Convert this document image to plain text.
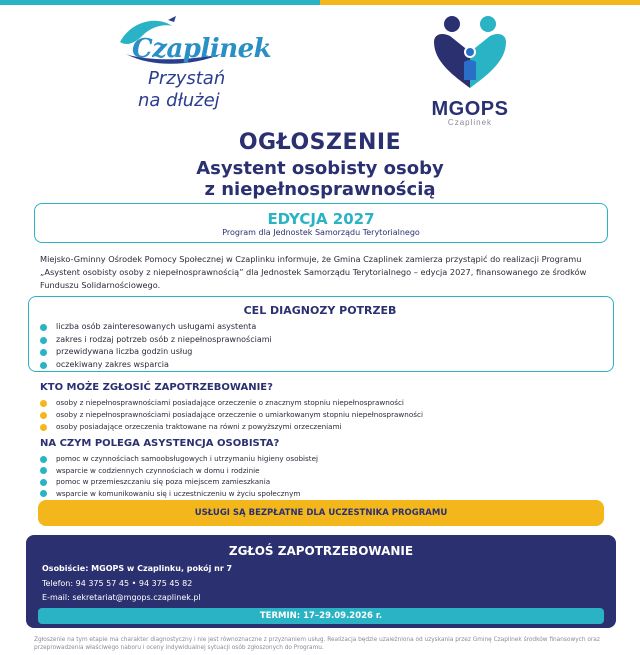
Czaplinek
Przystań
na dłużej	MGOPS
Czaplinek
OGŁOSZENIE
Asystent osobisty osoby
z niepełnosprawnością
EDYCJA 2027
Program dla Jednostek Samorządu Terytorialnego

Miejsko-Gminny Ośrodek Pomocy Społecznej w Czaplinku informuje, że Gmina Czaplinek zamierza przystąpić do realizacji Programu „Asystent osobisty osoby z niepełnosprawnością” dla Jednostek Samorządu Terytorialnego – edycja 2027, finansowanego ze środków Funduszu Solidarnościowego.

CEL DIAGNOZY POTRZEB
liczba osób zainteresowanych usługami asystenta
zakres i rodzaj potrzeb osób z niepełnosprawnościami
przewidywana liczba godzin usług
oczekiwany zakres wsparcia
KTO MOŻE ZGŁOSIĆ ZAPOTRZEBOWANIE?
osoby z niepełnosprawnościami posiadające orzeczenie o znacznym stopniu niepełnosprawności
osoby z niepełnosprawnościami posiadające orzeczenie o umiarkowanym stopniu niepełnosprawności
osoby posiadające orzeczenia traktowane na równi z powyższymi orzeczeniami
NA CZYM POLEGA ASYSTENCJA OSOBISTA?
pomoc w czynnościach samoobsługowych i utrzymaniu higieny osobistej
wsparcie w codziennych czynnościach w domu i rodzinie
pomoc w przemieszczaniu się poza miejscem zamieszkania
wsparcie w komunikowaniu się i uczestniczeniu w życiu społecznym
USŁUGI SĄ BEZPŁATNE DLA UCZESTNIKA PROGRAMU
ZGŁOŚ ZAPOTRZEBOWANIE
Osobiście: MGOPS w Czaplinku, pokój nr 7
Telefon: 94 375 57 45 • 94 375 45 82
E-mail: sekretariat@mgops.czaplinek.pl
TERMIN: 17–29.09.2026 r.

Zgłoszenie na tym etapie ma charakter diagnostyczny i nie jest równoznaczne z przyznaniem usług. Realizacja będzie uzależniona od uzyskania przez Gminę Czaplinek środków finansowych oraz przeprowadzenia właściwego naboru i oceny indywidualnej sytuacji osób zgłoszonych do Programu.
